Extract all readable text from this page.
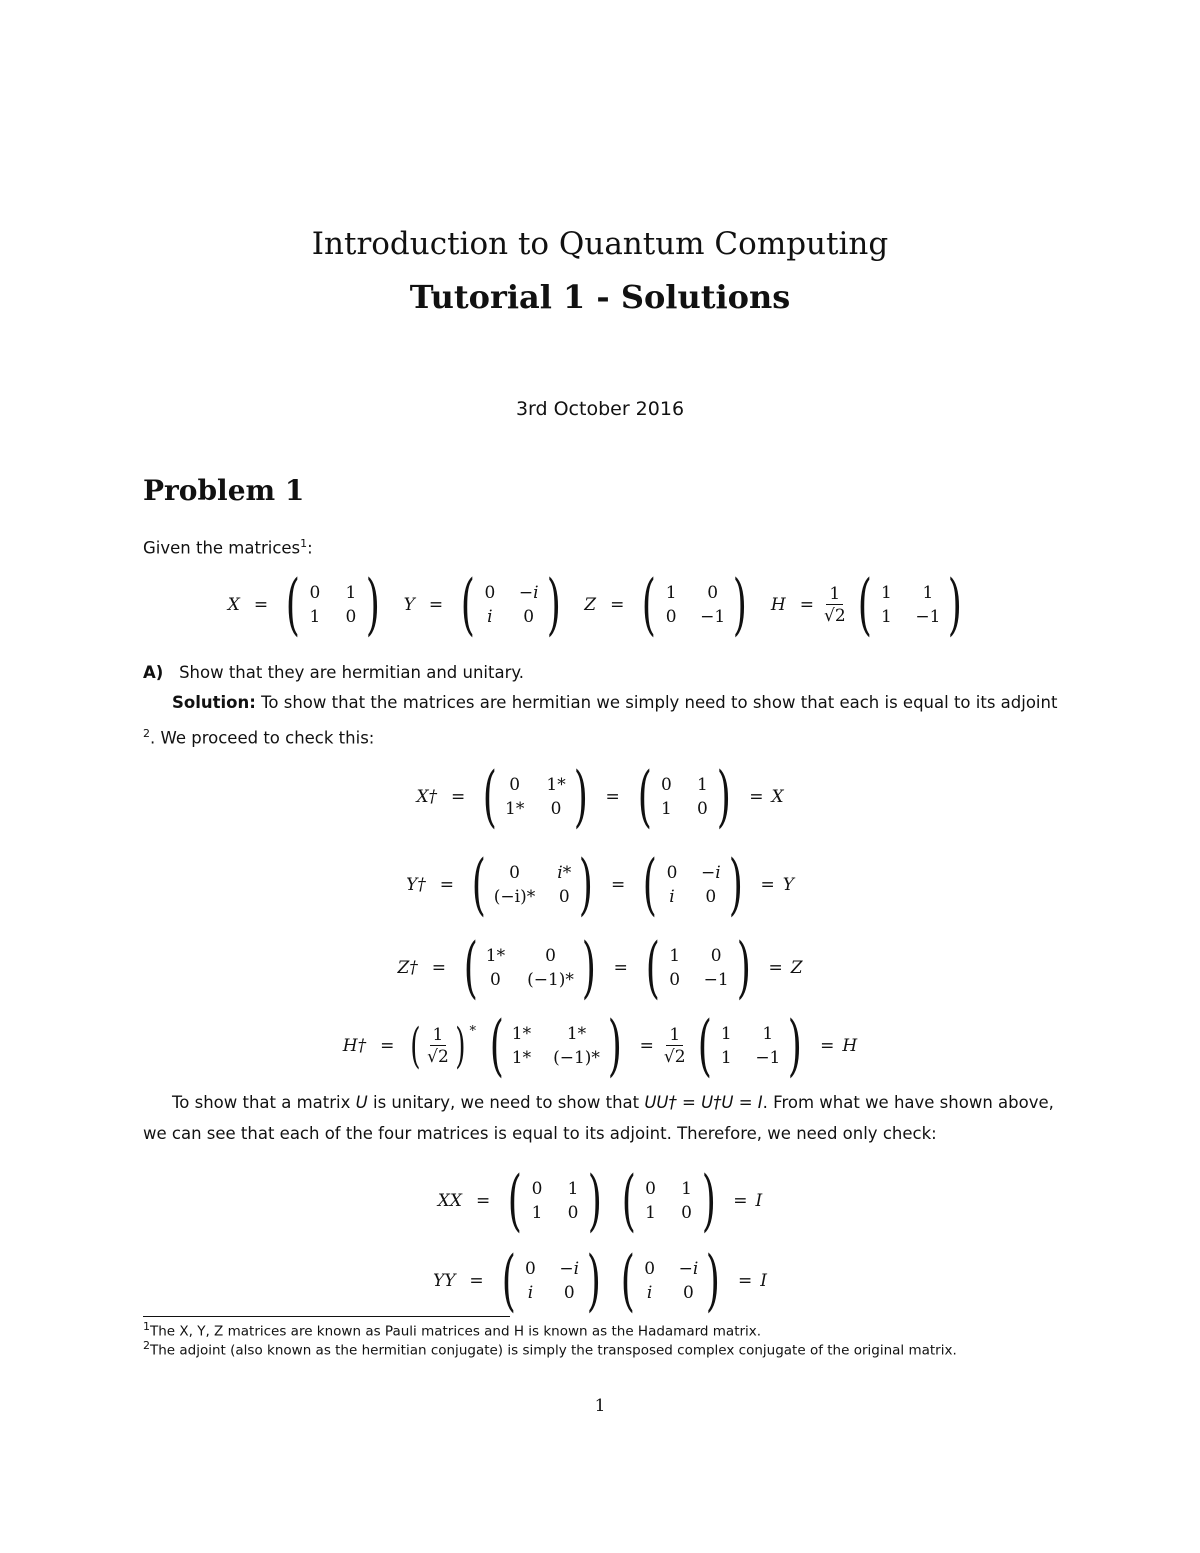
Introduction to Quantum Computing
Tutorial 1 - Solutions
3rd October 2016
Problem 1
Given the matrices$^1$:
X = ( 0 1
1 0 ) Y = ( 0 −i
i 0 ) Z = ( 1	0
0 −1 ) $H = \frac{1}{√2}$ ( 1	1
1 −1 )
A) Show that they are hermitian and unitary.
Solution: To show that the matrices are hermitian we simply need to show that each is equal to its adjoint $^2$. We proceed to check this:
X† = ( 0 1*
1* 0 ) = ( 0 1
1 0 ) = X
Y† = (	0	i*
(−i)* 0 ) = ( 0 −i
i 0 ) = Y
Z† = ( 1*	0
0 (−1)* ) = ( 1	0
0 −1 ) = Z
H† = ( $\frac{1}{√2}$ ) * ( 1*	1*
1* (−1)* ) = $\frac{1}{√2}$ ( 1	1
1 −1 ) = H
To show that a matrix U is unitary, we need to show that UU† = U†U = I. From what we have shown above, we can see that each of the four matrices is equal to its adjoint. Therefore, we need only check:
XX = ( 0 1
1 0 ) ( 0 1
1 0 ) = I
YY = ( 0 −i
i 0 ) ( 0 −i
i 0 ) = I
$^1$The X, Y, Z matrices are known as Pauli matrices and H is known as the Hadamard matrix.
$^2$The adjoint (also known as the hermitian conjugate) is simply the transposed complex conjugate of the original matrix.
1
